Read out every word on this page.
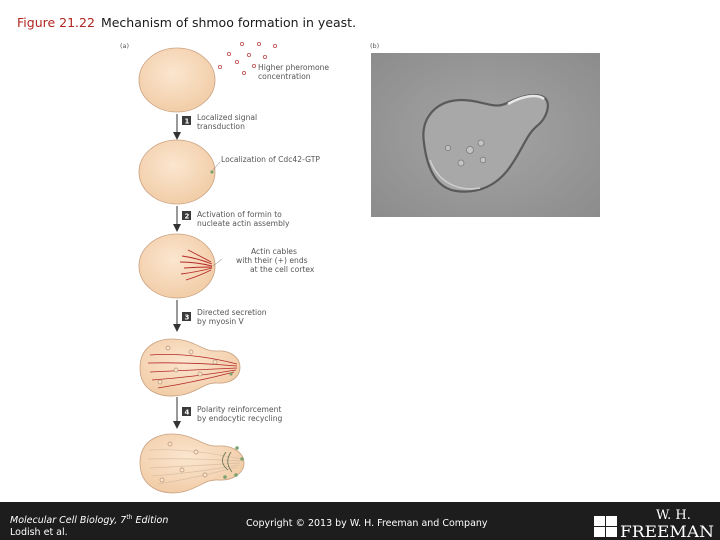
Figure 21.22 Mechanism of shmoo formation in yeast.
(a)	(b)
Higher pheromone
concentration
1 Localized signal
transduction
Localization of Cdc42-GTP
2 Activation of formin to
nucleate actin assembly
Actin cables
with their (+) ends
at the cell cortex
3
Directed secretion
by myosin V
4 Polarity reinforcement
by endocytic recycling
Molecular Cell Biology, 7th Edition
Lodish et al.
Copyright © 2013 by W. H. Freeman and Company
W. H.
FREEMAN
